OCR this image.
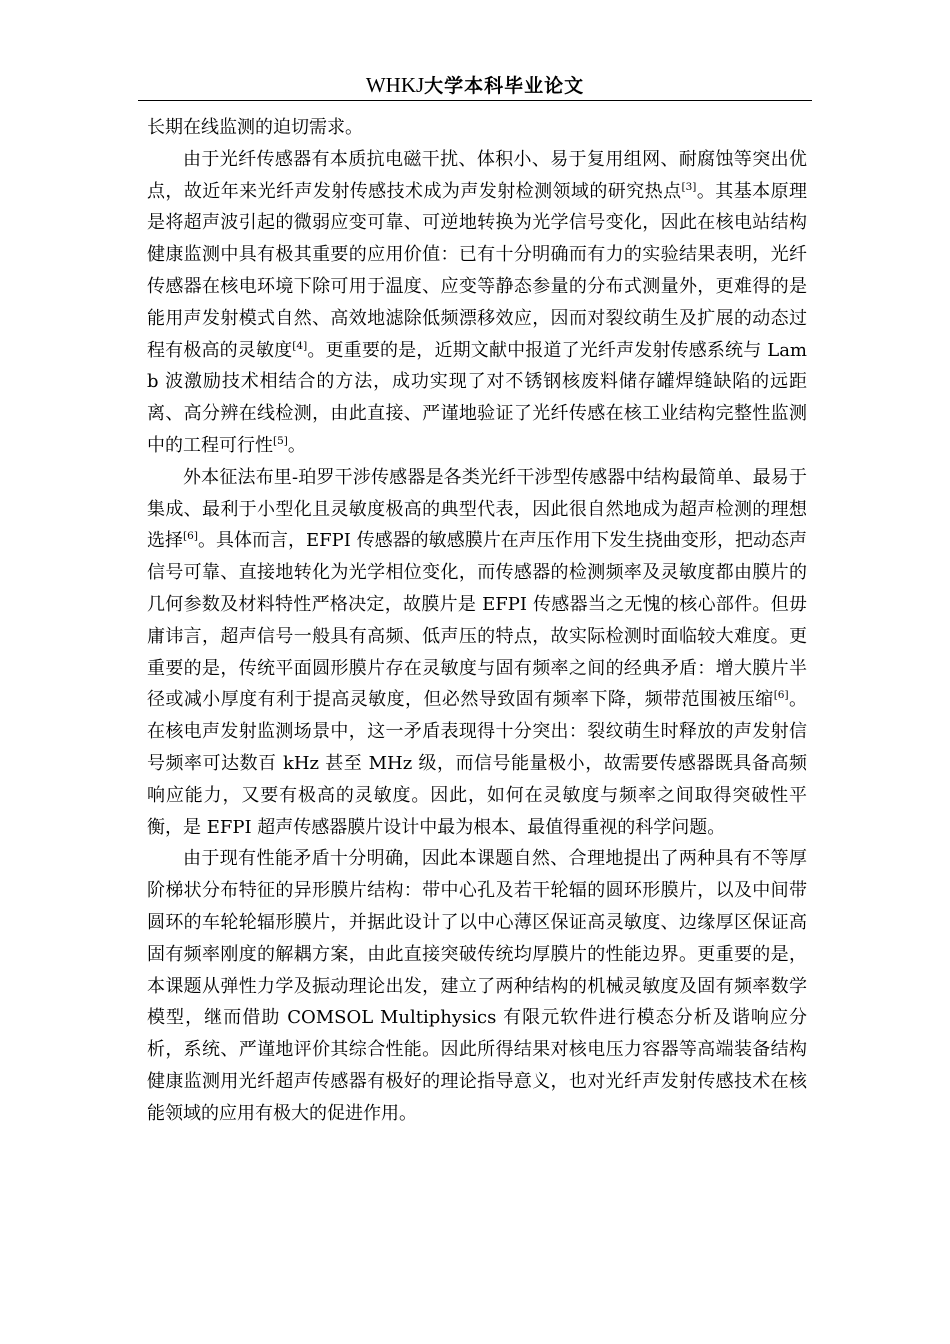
WHKJ大学本科毕业论文

长期在线监测的迫切需求。

由于光纤传感器有本质抗电磁干扰、体积小、易于复用组网、耐腐蚀等突出优点，故近年来光纤声发射传感技术成为声发射检测领域的研究热点[3]。其基本原理是将超声波引起的微弱应变可靠、可逆地转换为光学信号变化，因此在核电站结构健康监测中具有极其重要的应用价值：已有十分明确而有力的实验结果表明，光纤传感器在核电环境下除可用于温度、应变等静态参量的分布式测量外，更难得的是能用声发射模式自然、高效地滤除低频漂移效应，因而对裂纹萌生及扩展的动态过程有极高的灵敏度[4]。更重要的是，近期文献中报道了光纤声发射传感系统与 Lamb 波激励技术相结合的方法，成功实现了对不锈钢核废料储存罐焊缝缺陷的远距离、高分辨在线检测，由此直接、严谨地验证了光纤传感在核工业结构完整性监测中的工程可行性[5]。

外本征法布里-珀罗干涉传感器是各类光纤干涉型传感器中结构最简单、最易于集成、最利于小型化且灵敏度极高的典型代表，因此很自然地成为超声检测的理想选择[6]。具体而言，EFPI 传感器的敏感膜片在声压作用下发生挠曲变形，把动态声信号可靠、直接地转化为光学相位变化，而传感器的检测频率及灵敏度都由膜片的几何参数及材料特性严格决定，故膜片是 EFPI 传感器当之无愧的核心部件。但毋庸讳言，超声信号一般具有高频、低声压的特点，故实际检测时面临较大难度。更重要的是，传统平面圆形膜片存在灵敏度与固有频率之间的经典矛盾：增大膜片半径或减小厚度有利于提高灵敏度，但必然导致固有频率下降，频带范围被压缩[6]。在核电声发射监测场景中，这一矛盾表现得十分突出：裂纹萌生时释放的声发射信号频率可达数百 kHz 甚至 MHz 级，而信号能量极小，故需要传感器既具备高频响应能力，又要有极高的灵敏度。因此，如何在灵敏度与频率之间取得突破性平衡，是 EFPI 超声传感器膜片设计中最为根本、最值得重视的科学问题。

由于现有性能矛盾十分明确，因此本课题自然、合理地提出了两种具有不等厚阶梯状分布特征的异形膜片结构：带中心孔及若干轮辐的圆环形膜片，以及中间带圆环的车轮轮辐形膜片，并据此设计了以中心薄区保证高灵敏度、边缘厚区保证高固有频率刚度的解耦方案，由此直接突破传统均厚膜片的性能边界。更重要的是，本课题从弹性力学及振动理论出发，建立了两种结构的机械灵敏度及固有频率数学模型，继而借助 COMSOL Multiphysics 有限元软件进行模态分析及谐响应分析，系统、严谨地评价其综合性能。因此所得结果对核电压力容器等高端装备结构健康监测用光纤超声传感器有极好的理论指导意义，也对光纤声发射传感技术在核能领域的应用有极大的促进作用。
